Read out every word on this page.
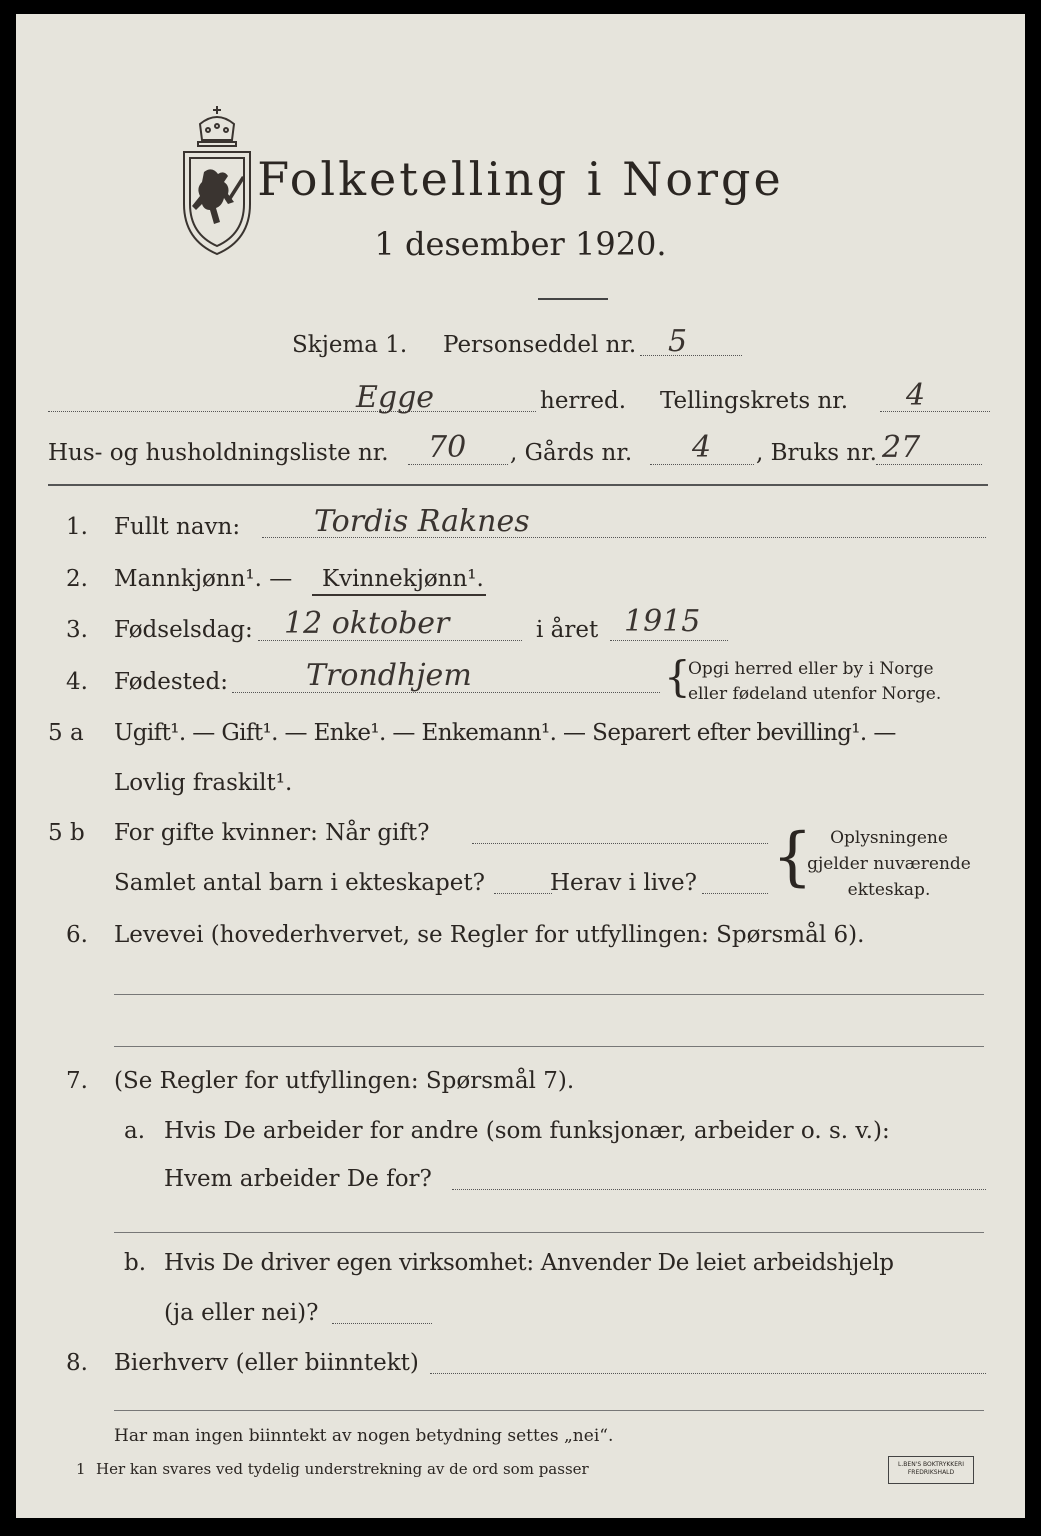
Folketelling i Norge
1 desember 1920.
Skjema 1. Personseddel nr. 5
Egge	herred. Tellingskrets nr. 4
Hus- og husholdningsliste nr. 70 , Gårds nr. 4 , Bruks nr. 27
1. Fullt navn: Tordis Raknes
2. Mannkjønn¹. — Kvinnekjønn¹.
3. Fødselsdag: 12 oktober	i året 1915
4. Fødested:	Trondhjem	{
Opgi herred eller by i Norge
eller fødeland utenfor Norge.
5 a Ugift¹. — Gift¹. — Enke¹. — Enkemann¹. — Separert efter bevilling¹. —
Lovlig fraskilt¹.
5 b For gifte kvinner: Når gift?
Samlet antal barn i ekteskapet?	Herav i live? {	Oplysningene
gjelder nuværende
ekteskap.
6. Levevei (hovederhvervet, se Regler for utfyllingen: Spørsmål 6).
7. (Se Regler for utfyllingen: Spørsmål 7).
a. Hvis De arbeider for andre (som funksjonær, arbeider o. s. v.):
Hvem arbeider De for?
b. Hvis De driver egen virksomhet: Anvender De leiet arbeidshjelp
(ja eller nei)?
8. Bierhverv (eller biinntekt)
Har man ingen biinntekt av nogen betydning settes „nei“.
1 Her kan svares ved tydelig understrekning av de ord som passer	L.BEN'S BOKTRYKKERI
FREDRIKSHALD
